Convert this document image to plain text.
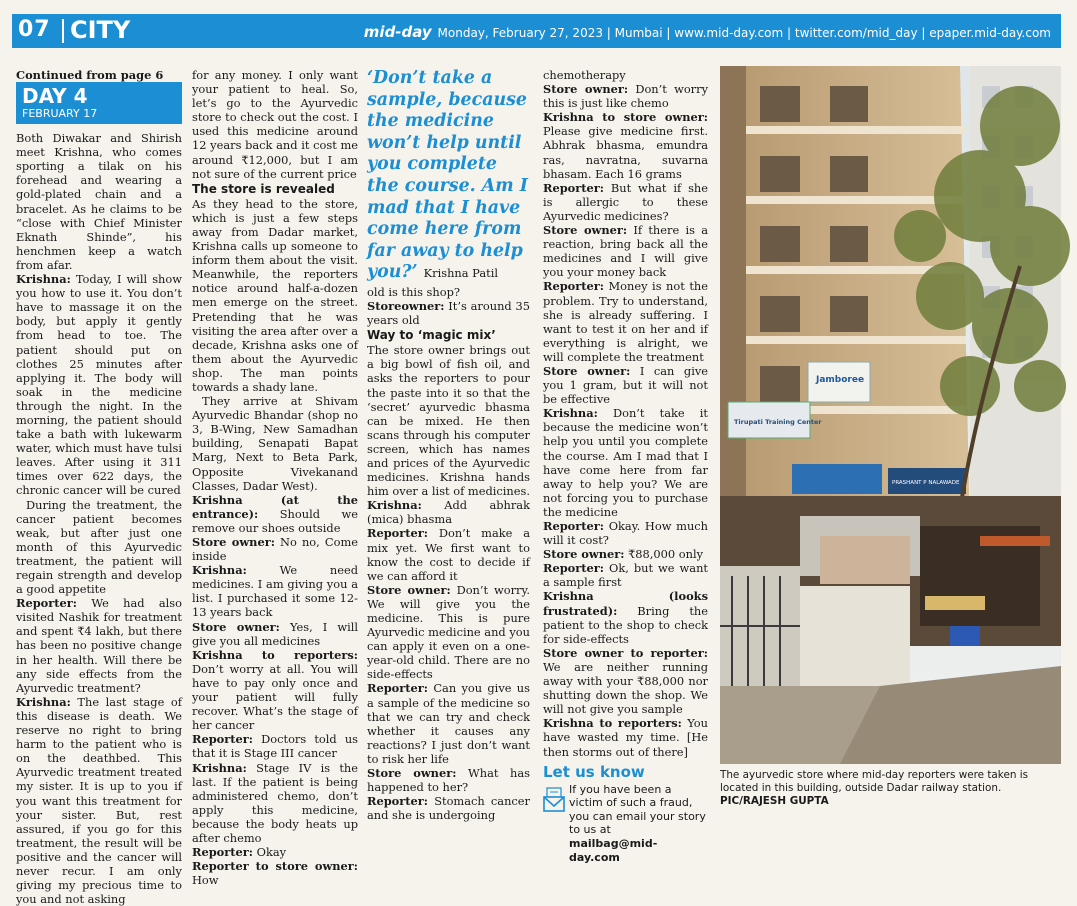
07 CITY	mid-day Monday, February 27, 2023 | Mumbai | www.mid-day.com | twitter.com/mid_day | epaper.mid-day.com

Continued from page 6

DAY 4
FEBRUARY 17

Both Diwakar and Shirish meet Krishna, who comes sporting a tilak on his forehead and wearing a gold-plated chain and a bracelet. As he claims to be “close with Chief Minister Eknath Shinde”, his henchmen keep a watch from afar.

Krishna: Today, I will show you how to use it. You don’t have to massage it on the body, but apply it gently from head to toe. The patient should put on clothes 25 minutes after applying it. The body will soak in the medicine through the night. In the morning, the patient should take a bath with lukewarm water, which must have tulsi leaves. After using it 311 times over 622 days, the chronic cancer will be cured

During the treatment, the cancer patient becomes weak, but after just one month of this Ayurvedic treatment, the patient will regain strength and develop a good appetite

Reporter: We had also visited Nashik for treatment and spent ₹4 lakh, but there has been no positive change in her health. Will there be any side effects from the Ayurvedic treatment?

Krishna: The last stage of this disease is death. We reserve no right to bring harm to the patient who is on the deathbed. This Ayurvedic treatment treated my sister. It is up to you if you want this treatment for your sister. But, rest assured, if you go for this treatment, the result will be positive and the cancer will never recur. I am only giving my precious time to you and not asking

for any money. I only want your patient to heal. So, let’s go to the Ayurvedic store to check out the cost. I used this medicine around 12 years back and it cost me around ₹12,000, but I am not sure of the current price

The store is revealed

As they head to the store, which is just a few steps away from Dadar market, Krishna calls up someone to inform them about the visit. Meanwhile, the reporters notice around half-a-dozen men emerge on the street. Pretending that he was visiting the area after over a decade, Krishna asks one of them about the Ayurvedic shop. The man points towards a shady lane.

They arrive at Shivam Ayurvedic Bhandar (shop no 3, B-Wing, New Samadhan building, Senapati Bapat Marg, Next to Beta Park, Opposite Vivekanand Classes, Dadar West).

Krishna (at the entrance): Should we remove our shoes outside

Store owner: No no, Come inside

Krishna:	We need medicines. I am giving you a list. I purchased it some 12-13 years back

Store owner: Yes, I will give you all medicines

Krishna to reporters: Don’t worry at all. You will have to pay only once and your patient will fully recover. What’s the stage of her cancer

Reporter: Doctors told us that it is Stage III cancer

Krishna: Stage IV is the last. If the patient is being administered chemo, don’t apply this medicine, because the body heats up after chemo

Reporter: Okay

Reporter to store owner: How

‘Don’t take a sample, because the medicine won’t help until you complete the course. Am I mad that I have come here from far away to help you?’ Krishna Patil

old is this shop?

Storeowner: It’s around 35 years old

Way to ‘magic mix’

The store owner brings out a big bowl of fish oil, and asks the reporters to pour the paste into it so that the ‘secret’ ayurvedic bhasma can be mixed. He then scans through his computer screen, which has names and prices of the Ayurvedic medicines. Krishna hands him over a list of medicines.

Krishna: Add abhrak (mica) bhasma

Reporter: Don’t make a mix yet. We first want to know the cost to decide if we can afford it

Store owner: Don’t worry. We will give you the medicine. This is pure Ayurvedic medicine and you can apply it even on a one-year-old child. There are no side-effects

Reporter: Can you give us a sample of the medicine so that we can try and check whether it causes any reactions? I just don’t want to risk her life

Store owner: What has happened to her?

Reporter: Stomach cancer and she is undergoing

chemotherapy

Store owner: Don’t worry this is just like chemo

Krishna to store owner: Please give medicine first. Abhrak bhasma, emundra ras, navratna, suvarna bhasam. Each 16 grams

Reporter: But what if she is allergic to these Ayurvedic medicines?

Store owner: If there is a reaction, bring back all the medicines and I will give you your money back

Reporter: Money is not the problem. Try to understand, she is already suffering. I want to test it on her and if everything is alright, we will complete the treatment

Store owner: I can give you 1 gram, but it will not be effective

Krishna: Don’t take it because the medicine won’t help you until you complete the course. Am I mad that I have come here from far away to help you? We are not forcing you to purchase the medicine

Reporter: Okay. How much will it cost?

Store owner: ₹88,000 only

Reporter: Ok, but we want a sample first

Krishna (looks frustrated): Bring the patient to the shop to check for side-effects

Store owner to reporter: We are neither running away with your ₹88,000 nor shutting down the shop. We will not give you sample

Krishna to reporters: You have wasted my time. [He then storms out of there]

Let us know
If you have been a victim of such a fraud, you can email your story to us at
mailbag@mid-day.com
Jamboree
Tirupati Training Center
PRASHANT P NALAWADE
The ayurvedic store where mid-day reporters were taken is located in this building, outside Dadar railway station. PIC/RAJESH GUPTA
